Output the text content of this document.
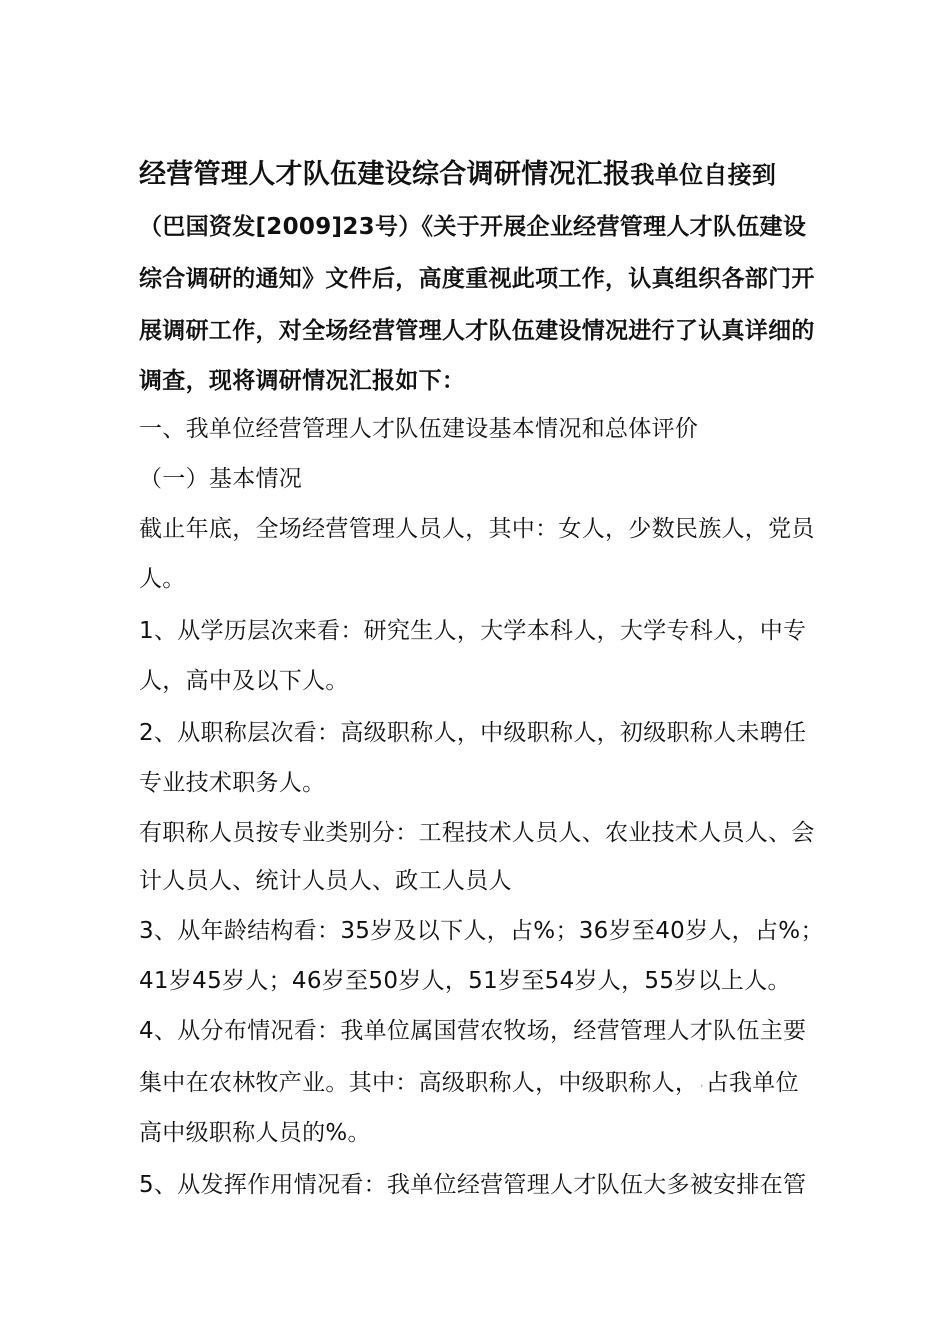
经营管理人才队伍建设综合调研情况汇报我单位自接到
（巴国资发[2009]23号）《关于开展企业经营管理人才队伍建设
综合调研的通知》文件后，高度重视此项工作，认真组织各部门开
展调研工作，对全场经营管理人才队伍建设情况进行了认真详细的
调查，现将调研情况汇报如下：
一、我单位经营管理人才队伍建设基本情况和总体评价
（一）基本情况
截止年底，全场经营管理人员人，其中：女人，少数民族人，党员
人。
1、从学历层次来看：研究生人，大学本科人，大学专科人，中专
人，高中及以下人。
2、从职称层次看：高级职称人，中级职称人，初级职称人未聘任
专业技术职务人。
有职称人员按专业类别分：工程技术人员人、农业技术人员人、会
计人员人、统计人员人、政工人员人
3、从年龄结构看：35岁及以下人，占%；36岁至40岁人，占%；
41岁45岁人；46岁至50岁人，51岁至54岁人，55岁以上人。
4、从分布情况看：我单位属国营农牧场，经营管理人才队伍主要
集中在农林牧产业。其中：高级职称人，中级职称人， ,占我单位
高中级职称人员的%。
5、从发挥作用情况看：我单位经营管理人才队伍大多被安排在管
